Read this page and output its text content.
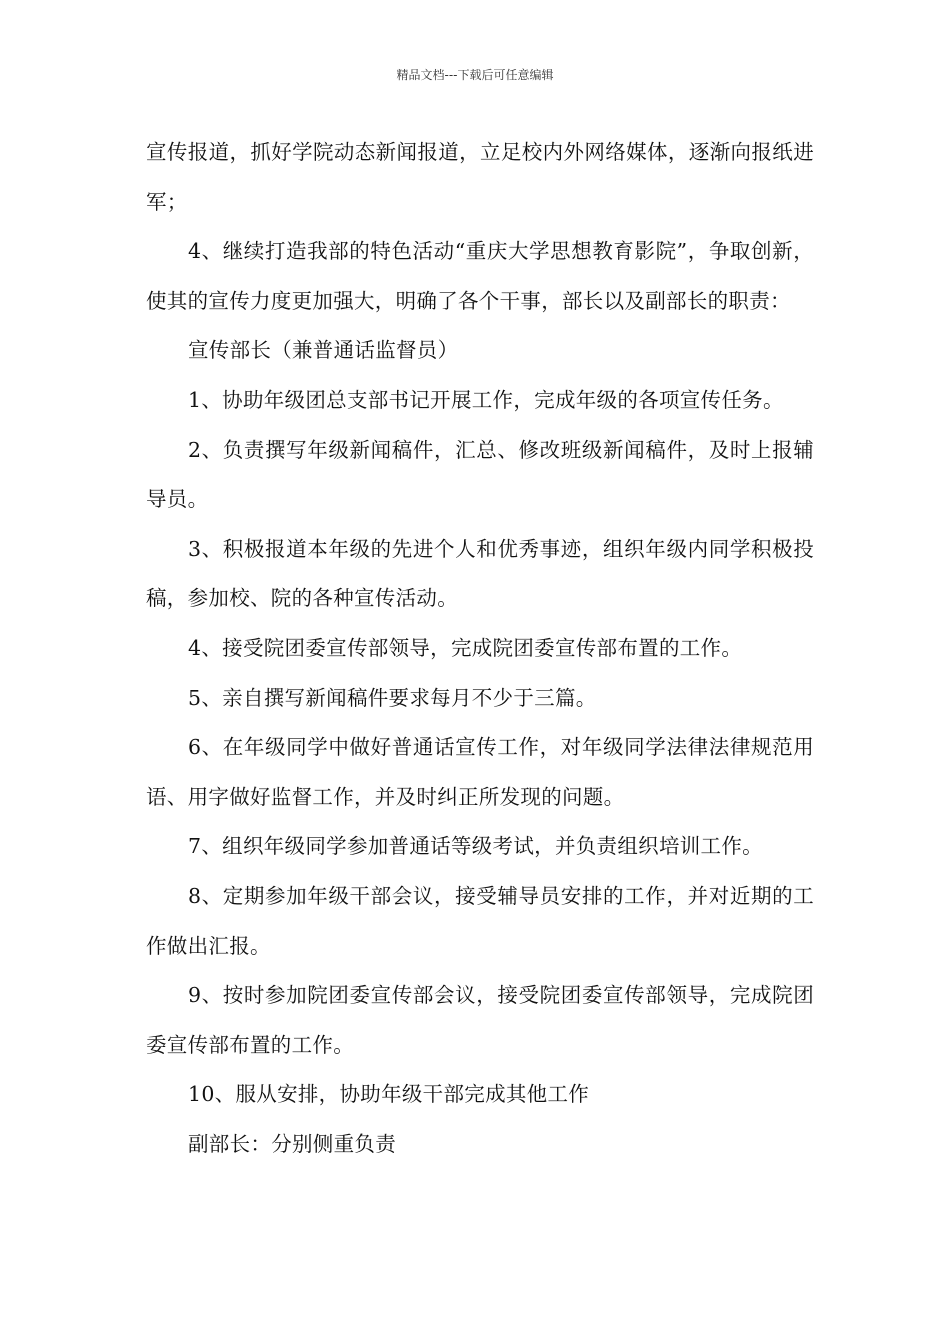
精品文档---下载后可任意编辑

宣传报道，抓好学院动态新闻报道，立足校内外网络媒体，逐渐向报纸进军；

4、继续打造我部的特色活动“重庆大学思想教育影院”，争取创新，使其的宣传力度更加强大，明确了各个干事，部长以及副部长的职责：

宣传部长（兼普通话监督员）

1、协助年级团总支部书记开展工作，完成年级的各项宣传任务。

2、负责撰写年级新闻稿件，汇总、修改班级新闻稿件，及时上报辅导员。

3、积极报道本年级的先进个人和优秀事迹，组织年级内同学积极投稿，参加校、院的各种宣传活动。

4、接受院团委宣传部领导，完成院团委宣传部布置的工作。

5、亲自撰写新闻稿件要求每月不少于三篇。

6、在年级同学中做好普通话宣传工作，对年级同学法律法律规范用语、用字做好监督工作，并及时纠正所发现的问题。

7、组织年级同学参加普通话等级考试，并负责组织培训工作。

8、定期参加年级干部会议，接受辅导员安排的工作，并对近期的工作做出汇报。

9、按时参加院团委宣传部会议，接受院团委宣传部领导，完成院团委宣传部布置的工作。

10、服从安排，协助年级干部完成其他工作

副部长：分别侧重负责
